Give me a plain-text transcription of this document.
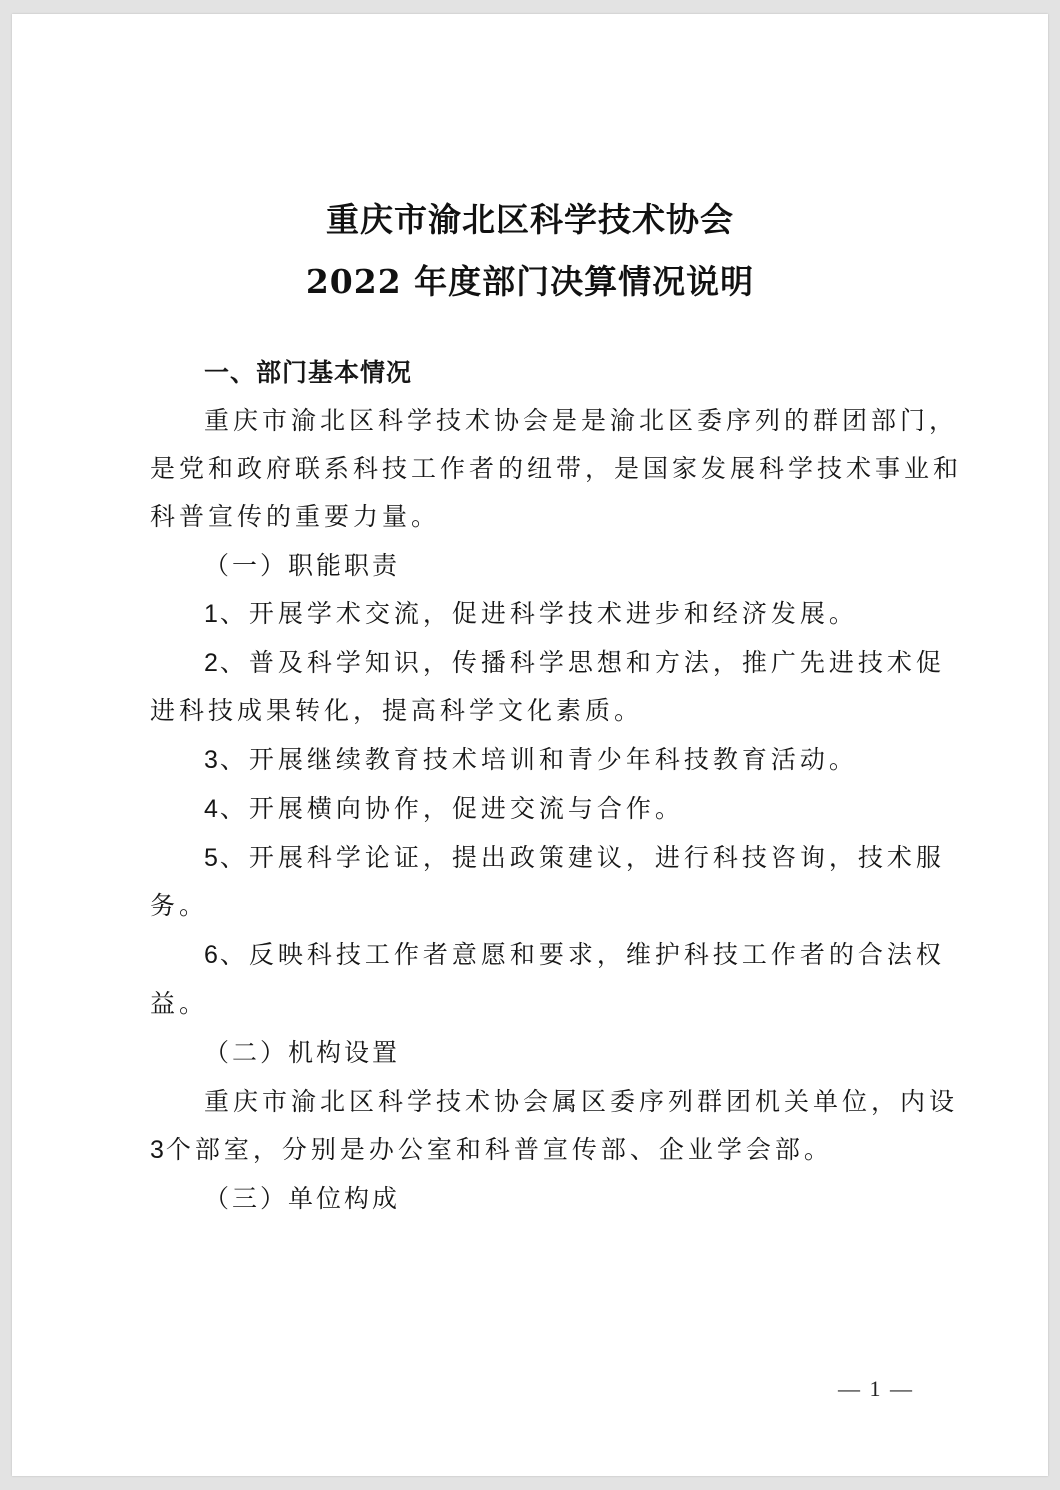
重庆市渝北区科学技术协会
2022 年度部门决算情况说明
一、部门基本情况
重庆市渝北区科学技术协会是是渝北区委序列的群团部门，
是党和政府联系科技工作者的纽带，是国家发展科学技术事业和
科普宣传的重要力量。
（一）职能职责
1、开展学术交流，促进科学技术进步和经济发展。
2、普及科学知识，传播科学思想和方法，推广先进技术促
进科技成果转化，提高科学文化素质。
3、开展继续教育技术培训和青少年科技教育活动。
4、开展横向协作，促进交流与合作。
5、开展科学论证，提出政策建议，进行科技咨询，技术服
务。
6、反映科技工作者意愿和要求，维护科技工作者的合法权
益。
（二）机构设置
重庆市渝北区科学技术协会属区委序列群团机关单位，内设
3个部室，分别是办公室和科普宣传部、企业学会部。
（三）单位构成
— 1 —
